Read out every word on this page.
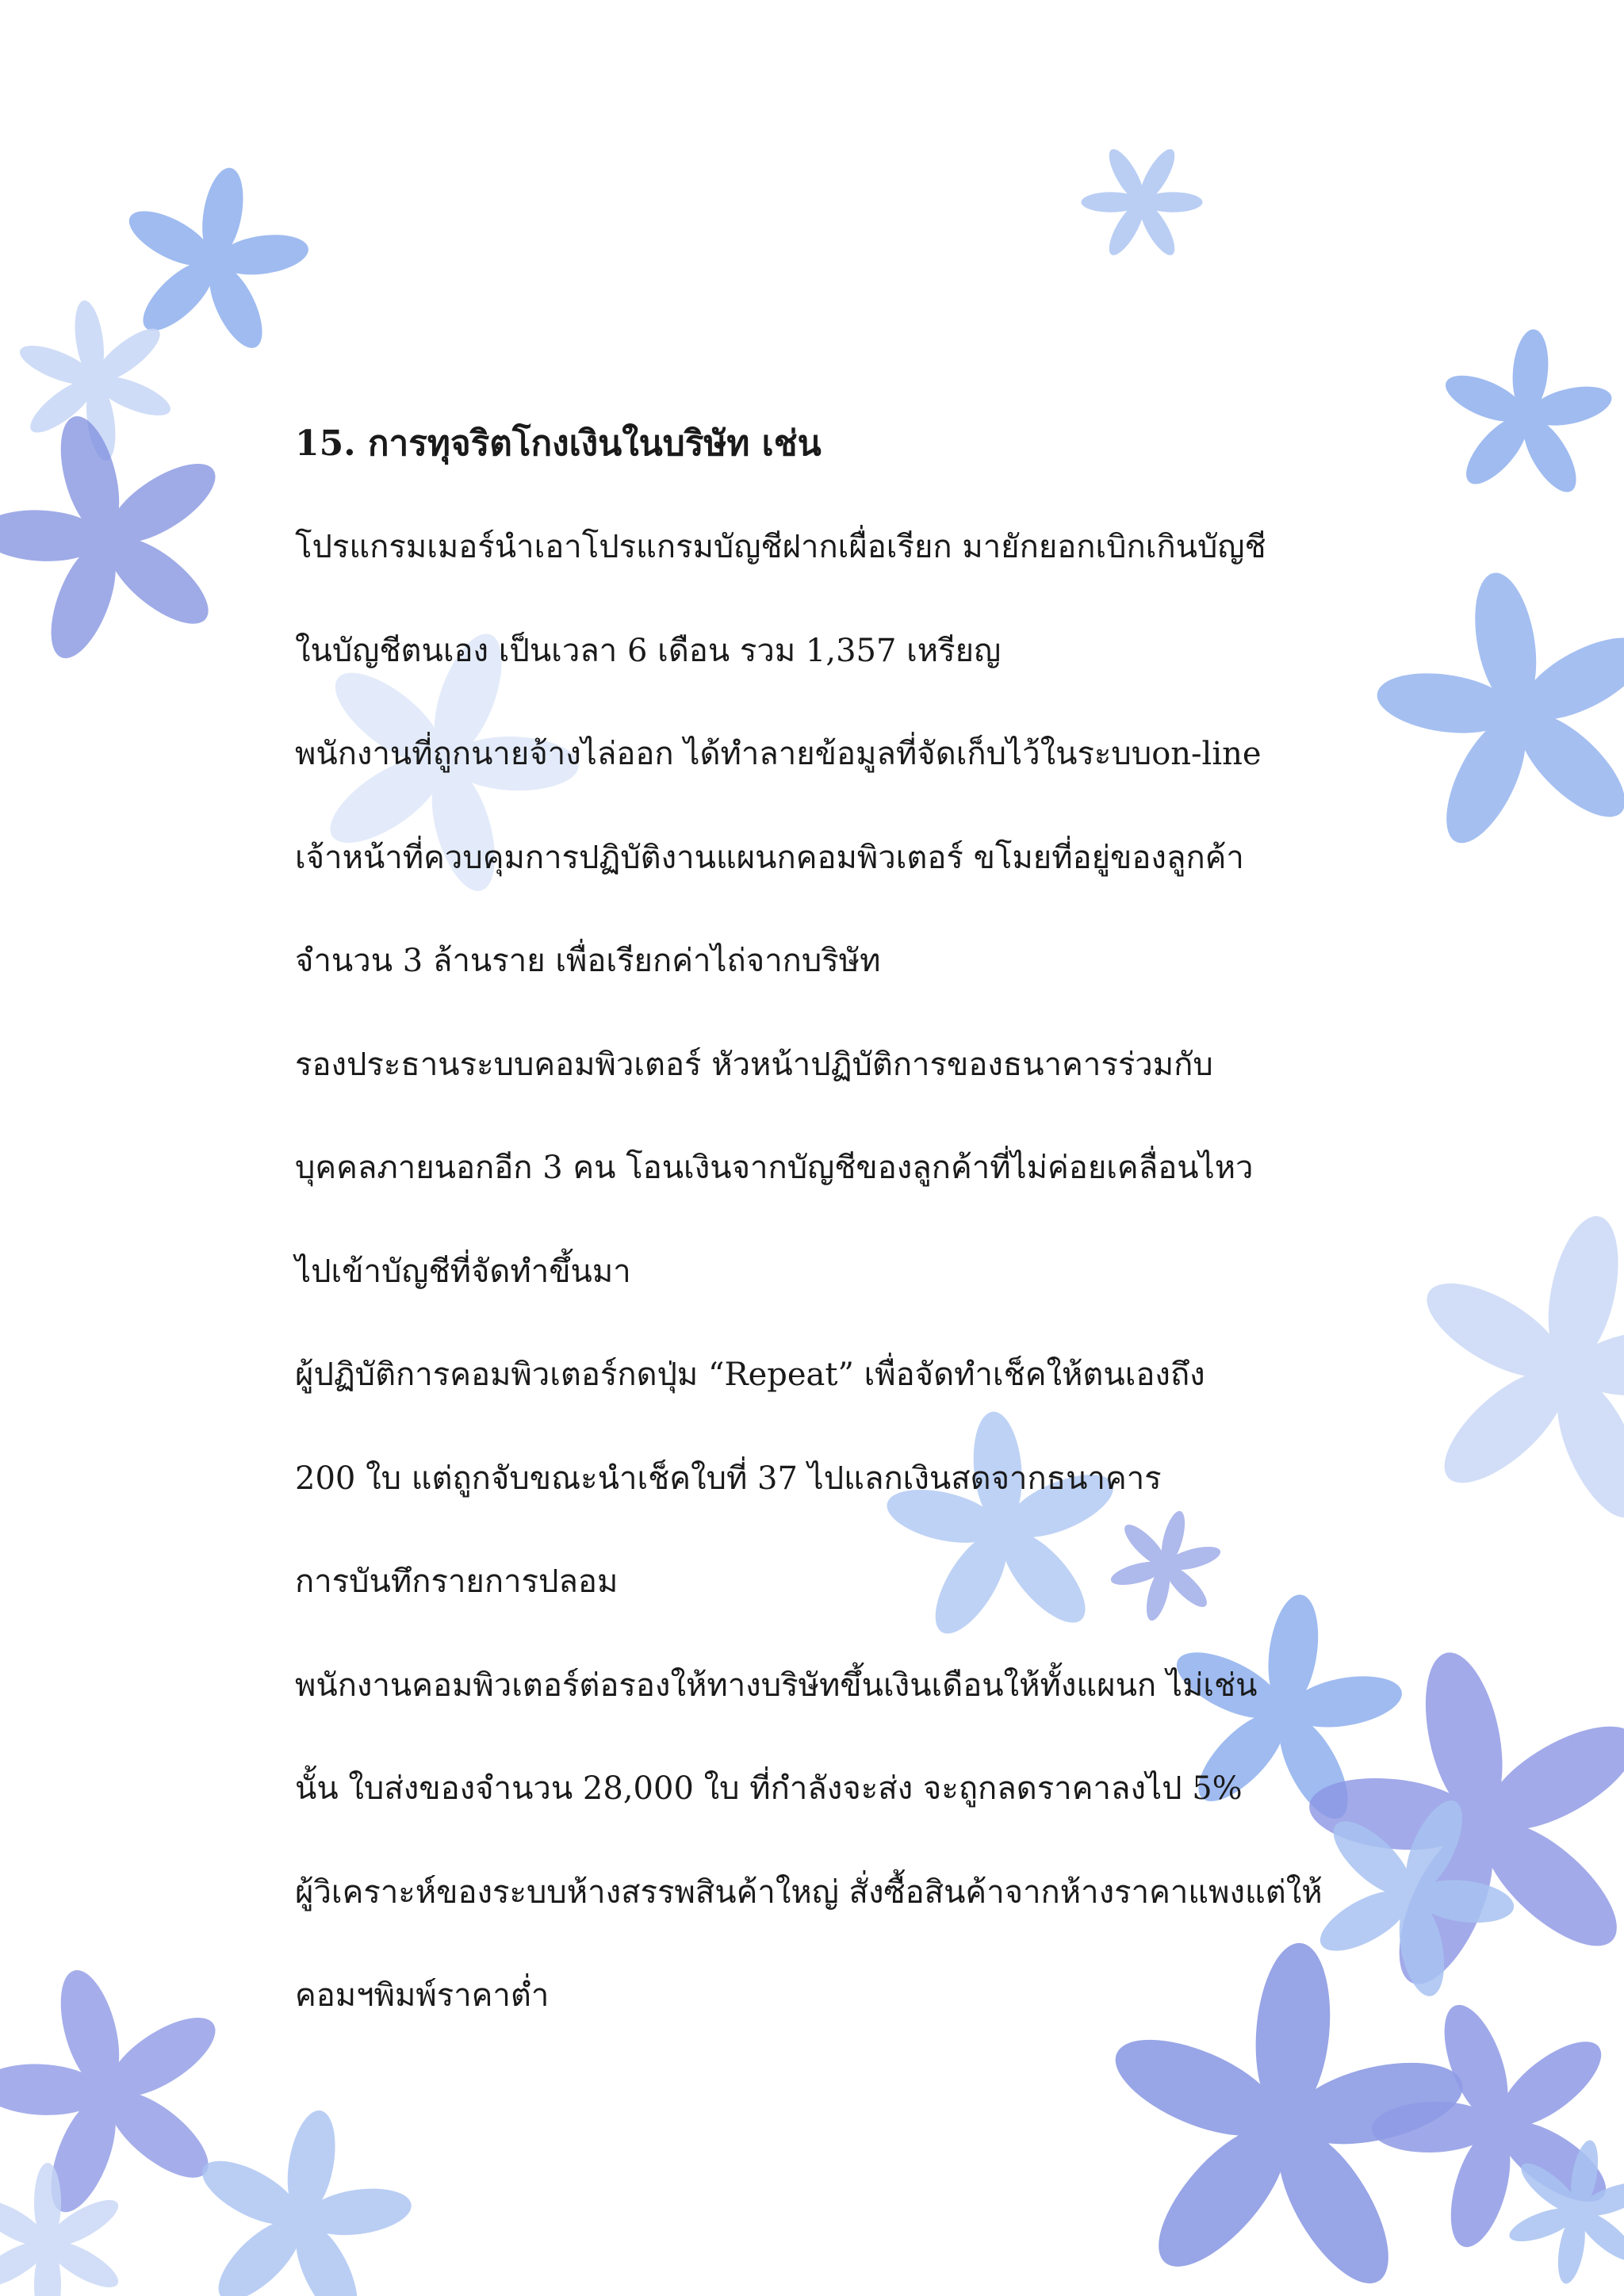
15. การทุจริตโกงเงินในบริษัท เช่น
โปรแกรมเมอร์นำเอาโปรแกรมบัญชีฝากเผื่อเรียก มายักยอกเบิกเกินบัญชี
ในบัญชีตนเอง เป็นเวลา 6 เดือน รวม 1,357 เหรียญ
พนักงานที่ถูกนายจ้างไล่ออก ได้ทำลายข้อมูลที่จัดเก็บไว้ในระบบon-line
เจ้าหน้าที่ควบคุมการปฏิบัติงานแผนกคอมพิวเตอร์ ขโมยที่อยู่ของลูกค้า
จำนวน 3 ล้านราย เพื่อเรียกค่าไถ่จากบริษัท
รองประธานระบบคอมพิวเตอร์ หัวหน้าปฏิบัติการของธนาคารร่วมกับ
บุคคลภายนอกอีก 3 คน โอนเงินจากบัญชีของลูกค้าที่ไม่ค่อยเคลื่อนไหว
ไปเข้าบัญชีที่จัดทำขึ้นมา
ผู้ปฏิบัติการคอมพิวเตอร์กดปุ่ม “Repeat” เพื่อจัดทำเช็คให้ตนเองถึง
200 ใบ แต่ถูกจับขณะนำเช็คใบที่ 37 ไปแลกเงินสดจากธนาคาร
การบันทึกรายการปลอม
พนักงานคอมพิวเตอร์ต่อรองให้ทางบริษัทขึ้นเงินเดือนให้ทั้งแผนก ไม่เช่น
นั้น ใบส่งของจำนวน 28,000 ใบ ที่กำลังจะส่ง จะถูกลดราคาลงไป 5%
ผู้วิเคราะห์ของระบบห้างสรรพสินค้าใหญ่ สั่งซื้อสินค้าจากห้างราคาแพงแต่ให้
คอมฯพิมพ์ราคาต่ำ
